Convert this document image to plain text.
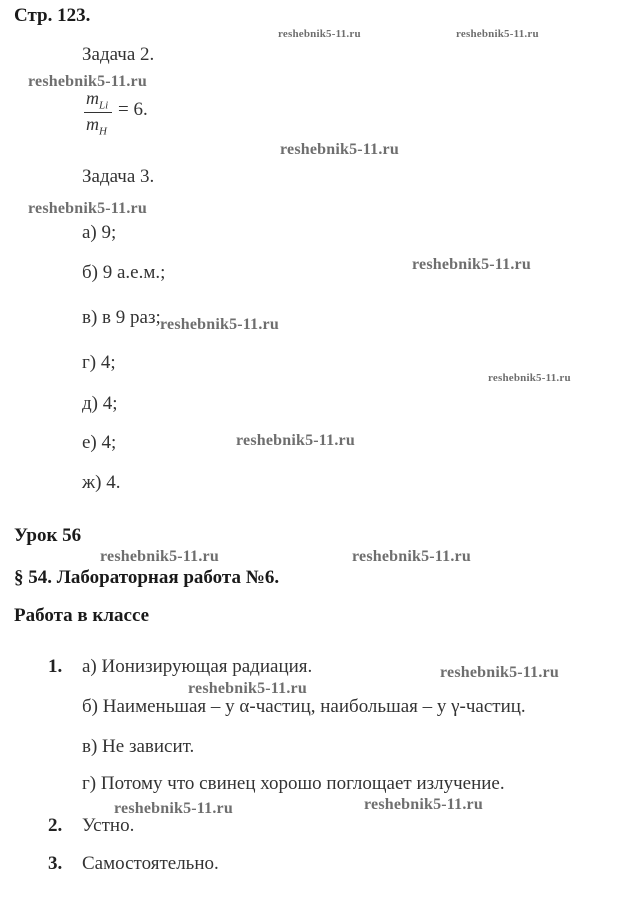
Стр. 123.
Задача 2.
$m_{Li}$
$m_H$
= 6.
Задача 3.
а) 9;
б) 9 а.е.м.;
в) в 9 раз;
г) 4;
д) 4;
е) 4;
ж) 4.
Урок 56
§ 54. Лабораторная работа №6.
Работа в классе
1. а) Ионизирующая радиация.
б) Наименьшая – у α-частиц, наибольшая – у γ-частиц.
в) Не зависит.
г) Потому что свинец хорошо поглощает излучение.
2. Устно.
3. Самостоятельно.
reshebnik5-11.ru	reshebnik5-11.ru
reshebnik5-11.ru
reshebnik5-11.ru
reshebnik5-11.ru
reshebnik5-11.ru
reshebnik5-11.ru
reshebnik5-11.ru
reshebnik5-11.ru
reshebnik5-11.ru	reshebnik5-11.ru
reshebnik5-11.ru
reshebnik5-11.ru
reshebnik5-11.ru	reshebnik5-11.ru
